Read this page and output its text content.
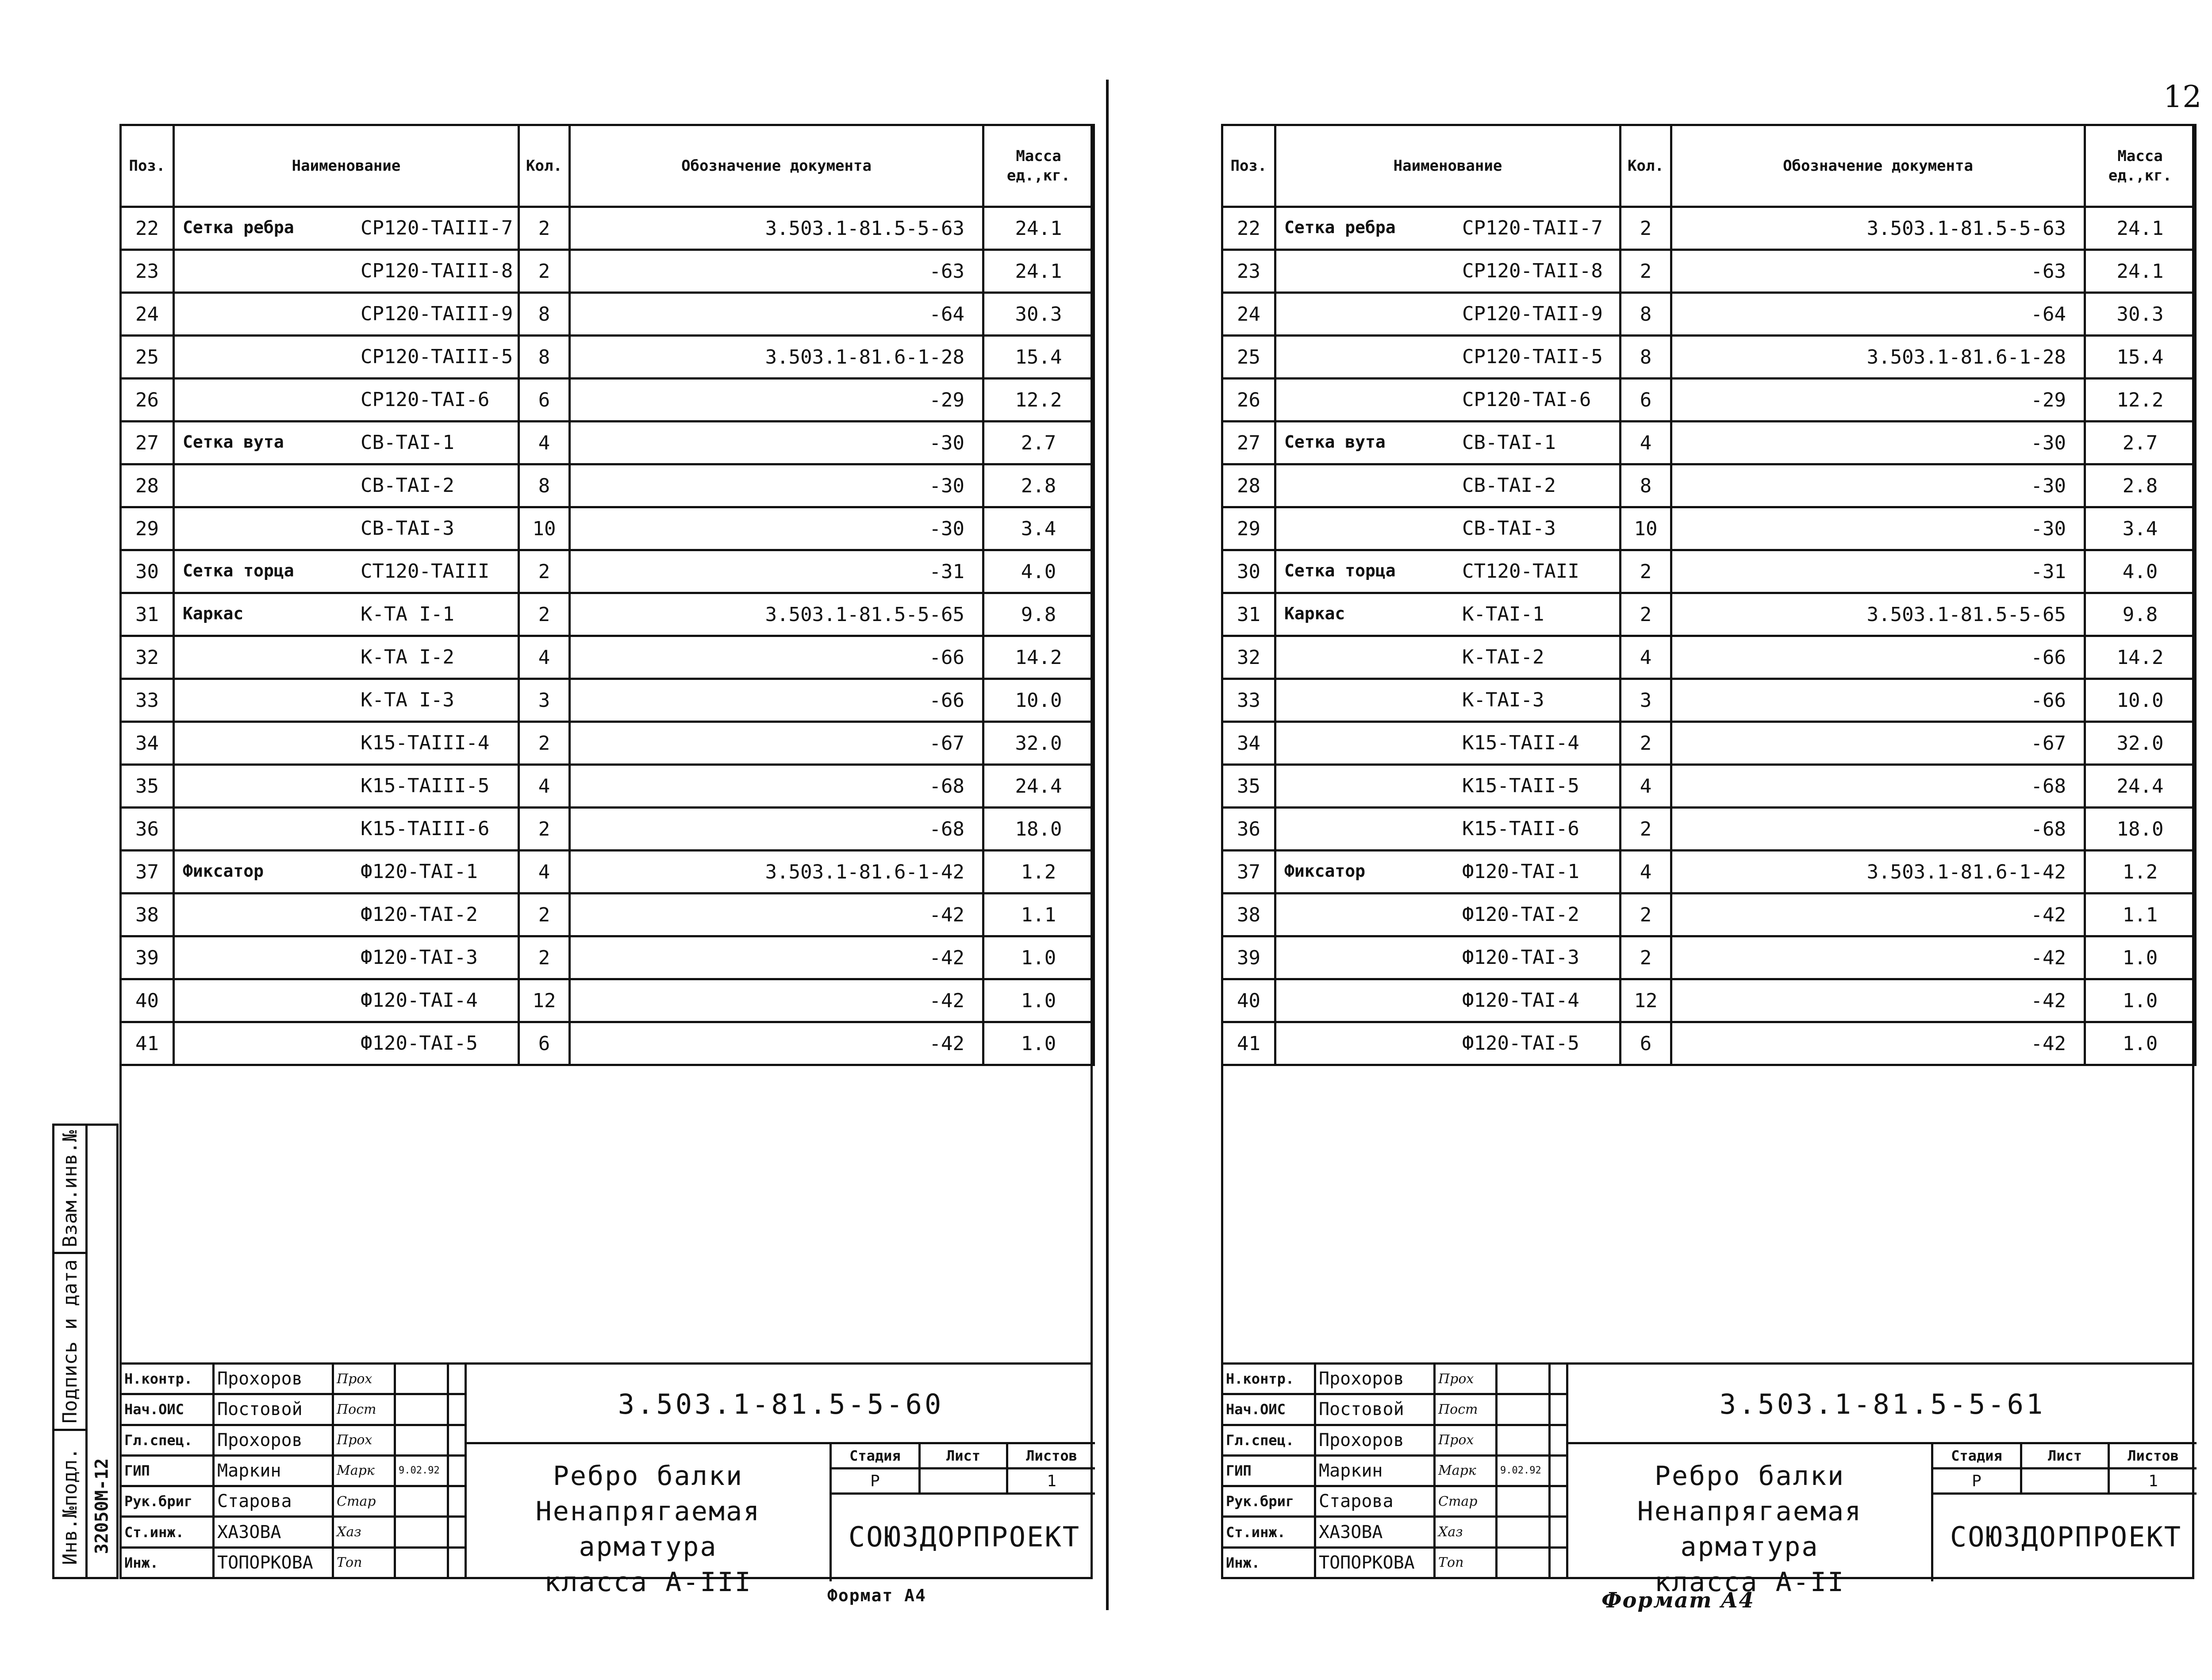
12
Взам.инв.№
Подпись и дата
Инв.№подл. 32050М-12
Поз.	Наименование	Кол.	Обозначение документа	Масса ед.,кг.
22	Сетка ребра СР120-ТАIII-7	2	3.503.1-81.5-5-63	24.1
23	СР120-ТАIII-8	2	-63	24.1
24	СР120-ТАIII-9	8	-64	30.3
25	СР120-ТАIII-5	8	3.503.1-81.6-1-28	15.4
26	СР120-ТАI-6	6	-29	12.2
27	Сетка вута СВ-ТАI-1	4	-30	2.7
28	СВ-ТАI-2	8	-30	2.8
29	СВ-ТАI-3	10	-30	3.4
30	Сетка торца СТ120-ТАIII	2	-31	4.0
31	Каркас К-ТА I-1	2	3.503.1-81.5-5-65	9.8
32	К-ТА I-2	4	-66	14.2
33	К-ТА I-3	3	-66	10.0
34	К15-ТАIII-4	2	-67	32.0
35	К15-ТАIII-5	4	-68	24.4
36	К15-ТАIII-6	2	-68	18.0
37	Фиксатор Ф120-ТАI-1	4	3.503.1-81.6-1-42	1.2
38	Ф120-ТАI-2	2	-42	1.1
39	Ф120-ТАI-3	2	-42	1.0
40	Ф120-ТАI-4	12	-42	1.0
41	Ф120-ТАI-5	6	-42	1.0
Н.контр.	Прохоров	Прох		
Нач.ОИС	Постовой	Пост		
Гл.спец.	Прохоров	Прох		
ГИП	Маркин	Марк	9.02.92	
Рук.бриг	Старова	Стар		
Ст.инж.	ХАЗОВА	Хаз		
Инж.	ТОПОРКОВА	Топ		
3.503.1-81.5-5-60
Ребро балки
Ненапрягаемая арматура
класса А-III
Стадия	Лист	Листов
Р		1
СОЮЗДОРПРОЕКТ
Поз.	Наименование	Кол.	Обозначение документа	Масса ед.,кг.
22	Сетка ребра СР120-ТАII-7	2	3.503.1-81.5-5-63	24.1
23	СР120-ТАII-8	2	-63	24.1
24	СР120-ТАII-9	8	-64	30.3
25	СР120-ТАII-5	8	3.503.1-81.6-1-28	15.4
26	СР120-ТАI-6	6	-29	12.2
27	Сетка вута СВ-ТАI-1	4	-30	2.7
28	СВ-ТАI-2	8	-30	2.8
29	СВ-ТАI-3	10	-30	3.4
30	Сетка торца СТ120-ТАII	2	-31	4.0
31	Каркас К-ТАI-1	2	3.503.1-81.5-5-65	9.8
32	К-ТАI-2	4	-66	14.2
33	К-ТАI-3	3	-66	10.0
34	К15-ТАII-4	2	-67	32.0
35	К15-ТАII-5	4	-68	24.4
36	К15-ТАII-6	2	-68	18.0
37	Фиксатор Ф120-ТАI-1	4	3.503.1-81.6-1-42	1.2
38	Ф120-ТАI-2	2	-42	1.1
39	Ф120-ТАI-3	2	-42	1.0
40	Ф120-ТАI-4	12	-42	1.0
41	Ф120-ТАI-5	6	-42	1.0
Н.контр.	Прохоров	Прох		
Нач.ОИС	Постовой	Пост		
Гл.спец.	Прохоров	Прох		
ГИП	Маркин	Марк	9.02.92	
Рук.бриг	Старова	Стар		
Ст.инж.	ХАЗОВА	Хаз		
Инж.	ТОПОРКОВА	Топ		
3.503.1-81.5-5-61
Ребро балки
Ненапрягаемая арматура
класса А-II
Стадия	Лист	Листов
Р		1
СОЮЗДОРПРОЕКТ
Формат А4	Формат А4
